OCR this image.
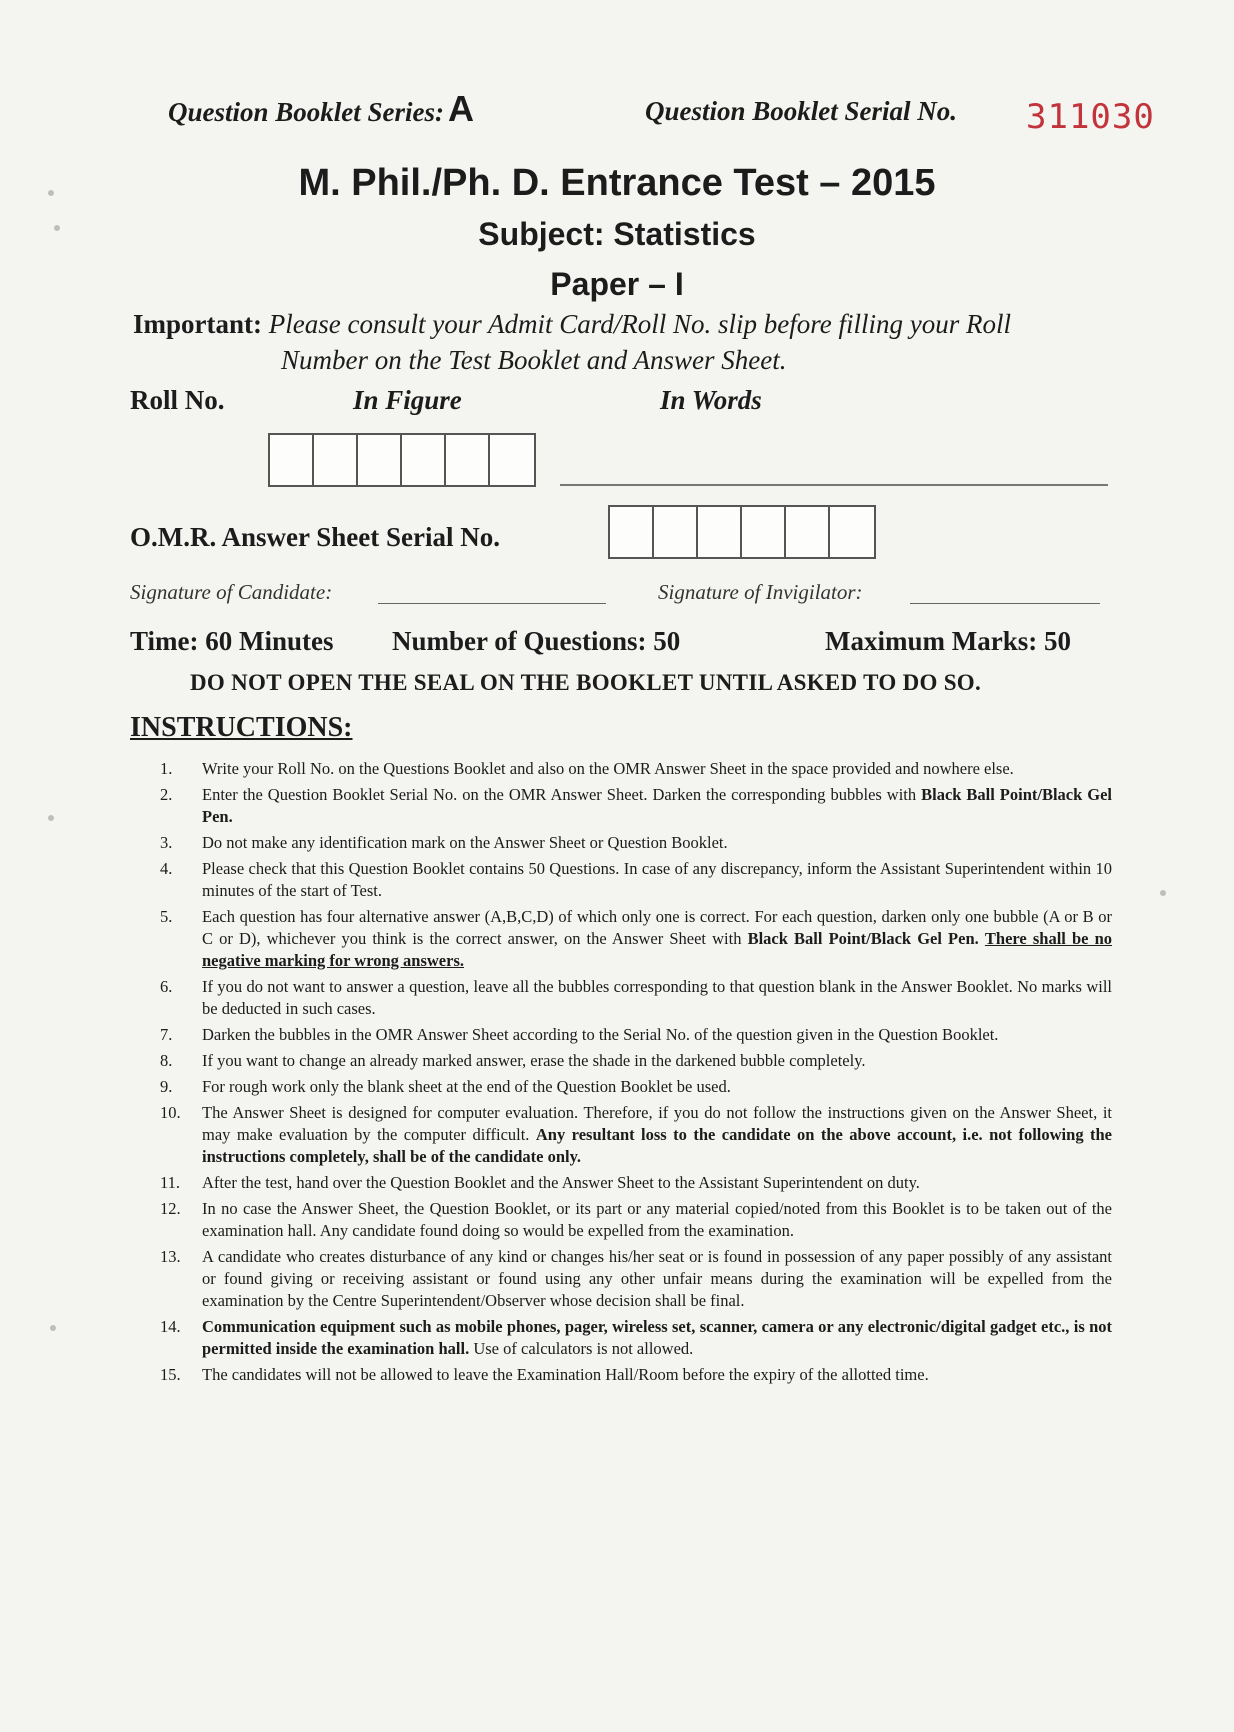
Question Booklet Series: A	Question Booklet Serial No. 311030
M. Phil./Ph. D. Entrance Test – 2015
Subject: Statistics
Paper – I
Important: Please consult your Admit Card/Roll No. slip before filling your Roll
Number on the Test Booklet and Answer Sheet.
Roll No.	In Figure	In Words
O.M.R. Answer Sheet Serial No.
Signature of Candidate:	Signature of Invigilator:
Time: 60 Minutes Number of Questions: 50	Maximum Marks: 50
DO NOT OPEN THE SEAL ON THE BOOKLET UNTIL ASKED TO DO SO.
INSTRUCTIONS:
1.	Write your Roll No. on the Questions Booklet and also on the OMR Answer Sheet in the space provided and nowhere else.
2.	Enter the Question Booklet Serial No. on the OMR Answer Sheet. Darken the corresponding bubbles with Black Ball Point/Black Gel Pen.
3.	Do not make any identification mark on the Answer Sheet or Question Booklet.
4.	Please check that this Question Booklet contains 50 Questions. In case of any discrepancy, inform the Assistant Superintendent within 10 minutes of the start of Test.
5.	Each question has four alternative answer (A,B,C,D) of which only one is correct. For each question, darken only one bubble (A or B or C or D), whichever you think is the correct answer, on the Answer Sheet with Black Ball Point/Black Gel Pen. There shall be no negative marking for wrong answers.
6.	If you do not want to answer a question, leave all the bubbles corresponding to that question blank in the Answer Booklet. No marks will be deducted in such cases.
7.	Darken the bubbles in the OMR Answer Sheet according to the Serial No. of the question given in the Question Booklet.
8.	If you want to change an already marked answer, erase the shade in the darkened bubble completely.
9.	For rough work only the blank sheet at the end of the Question Booklet be used.
10.	The Answer Sheet is designed for computer evaluation. Therefore, if you do not follow the instructions given on the Answer Sheet, it may make evaluation by the computer difficult. Any resultant loss to the candidate on the above account, i.e. not following the instructions completely, shall be of the candidate only.
11.	After the test, hand over the Question Booklet and the Answer Sheet to the Assistant Superintendent on duty.
12.	In no case the Answer Sheet, the Question Booklet, or its part or any material copied/noted from this Booklet is to be taken out of the examination hall. Any candidate found doing so would be expelled from the examination.
13.	A candidate who creates disturbance of any kind or changes his/her seat or is found in possession of any paper possibly of any assistant or found giving or receiving assistant or found using any other unfair means during the examination will be expelled from the examination by the Centre Superintendent/Observer whose decision shall be final.
14.	Communication equipment such as mobile phones, pager, wireless set, scanner, camera or any electronic/digital gadget etc., is not permitted inside the examination hall. Use of calculators is not allowed.
15.	The candidates will not be allowed to leave the Examination Hall/Room before the expiry of the allotted time.
